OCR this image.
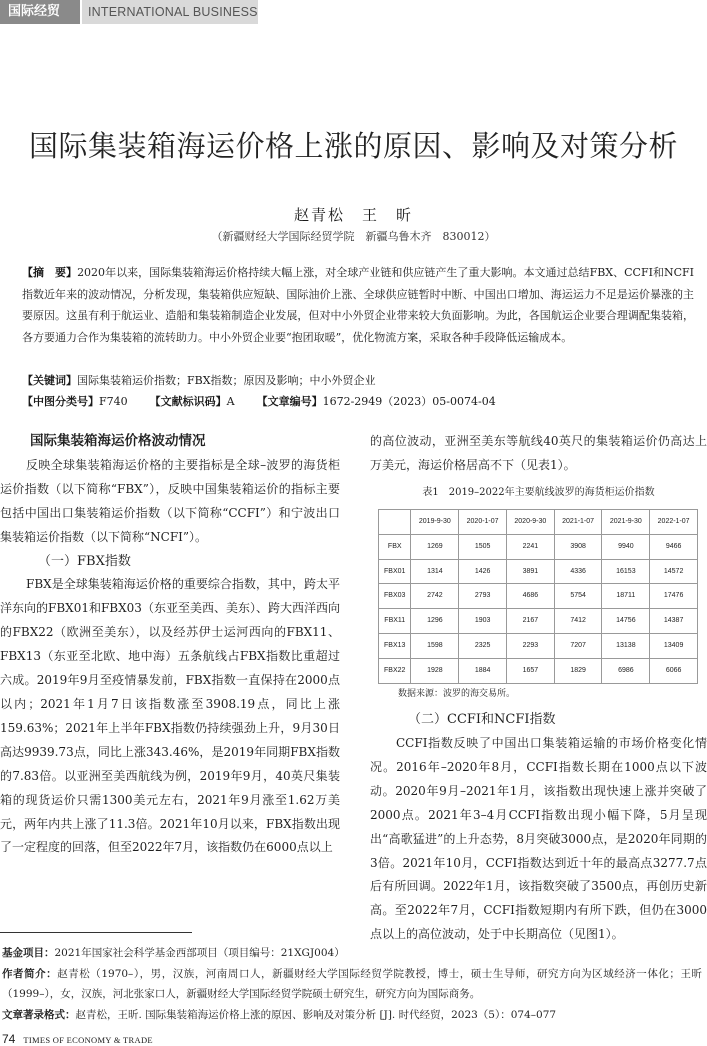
国际经贸	INTERNATIONAL BUSINESS
国际集装箱海运价格上涨的原因、影响及对策分析
赵青松　王　昕
（新疆财经大学国际经贸学院　新疆乌鲁木齐　830012）
【摘　要】2020年以来，国际集装箱海运价格持续大幅上涨，对全球产业链和供应链产生了重大影响。本文通过总结FBX、CCFI和NCFI指数近年来的波动情况，分析发现，集装箱供应短缺、国际油价上涨、全球供应链暂时中断、中国出口增加、海运运力不足是运价暴涨的主要原因。这虽有利于航运业、造船和集装箱制造企业发展，但对中小外贸企业带来较大负面影响。为此，各国航运企业要合理调配集装箱，各方要通力合作为集装箱的流转助力。中小外贸企业要“抱团取暖”，优化物流方案，采取各种手段降低运输成本。
【关键词】国际集装箱运价指数；FBX指数；原因及影响；中小外贸企业
【中图分类号】F740 【文献标识码】A 【文章编号】1672-2949（2023）05-0074-04
国际集装箱海运价格波动情况
反映全球集装箱海运价格的主要指标是全球–波罗的海货柜运价指数（以下简称“FBX”），反映中国集装箱运价的指标主要包括中国出口集装箱运价指数（以下简称“CCFI”）和宁波出口集装箱运价指数（以下简称“NCFI”）。
（一）FBX指数
FBX是全球集装箱海运价格的重要综合指数，其中，跨太平洋东向的FBX01和FBX03（东亚至美西、美东）、跨大西洋西向的FBX22（欧洲至美东），以及经苏伊士运河西向的FBX11、FBX13（东亚至北欧、地中海）五条航线占FBX指数比重超过六成。2019年9月至疫情暴发前，FBX指数一直保持在2000点以内；2021年1月7日该指数涨至3908.19点，同比上涨159.63%；2021年上半年FBX指数仍持续强劲上升，9月30日高达9939.73点，同比上涨343.46%，是2019年同期FBX指数的7.83倍。以亚洲至美西航线为例，2019年9月，40英尺集装箱的现货运价只需1300美元左右，2021年9月涨至1.62万美元，两年内共上涨了11.3倍。2021年10月以来，FBX指数出现了一定程度的回落，但至2022年7月，该指数仍在6000点以上
的高位波动，亚洲至美东等航线40英尺的集装箱运价仍高达上万美元，海运价格居高不下（见表1）。
表1　2019–2022年主要航线波罗的海货柜运价指数
	2019-9-30	2020-1-07	2020-9-30	2021-1-07	2021-9-30	2022-1-07
FBX	1269	1505	2241	3908	9940	9466
FBX01	1314	1426	3891	4336	16153	14572
FBX03	2742	2793	4686	5754	18711	17476
FBX11	1296	1903	2167	7412	14756	14387
FBX13	1598	2325	2293	7207	13138	13409
FBX22	1928	1884	1657	1829	6986	6066
数据来源：波罗的海交易所。
（二）CCFI和NCFI指数
CCFI指数反映了中国出口集装箱运输的市场价格变化情况。2016年–2020年8月，CCFI指数长期在1000点以下波动。2020年9月–2021年1月，该指数出现快速上涨并突破了2000点。2021年3–4月CCFI指数出现小幅下降，5月呈现出“高歌猛进”的上升态势，8月突破3000点，是2020年同期的3倍。2021年10月，CCFI指数达到近十年的最高点3277.7点后有所回调。2022年1月，该指数突破了3500点，再创历史新高。至2022年7月，CCFI指数短期内有所下跌，但仍在3000点以上的高位波动，处于中长期高位（见图1）。
基金项目：2021年国家社会科学基金西部项目（项目编号：21XGJ004）
作者简介：赵青松（1970–），男，汉族，河南周口人，新疆财经大学国际经贸学院教授，博士，硕士生导师，研究方向为区域经济一体化；王昕（1999–），女，汉族，河北张家口人，新疆财经大学国际经贸学院硕士研究生，研究方向为国际商务。
文章著录格式：赵青松，王昕. 国际集装箱海运价格上涨的原因、影响及对策分析 [J]. 时代经贸，2023（5）：074–077
74 TIMES OF ECONOMY & TRADE
